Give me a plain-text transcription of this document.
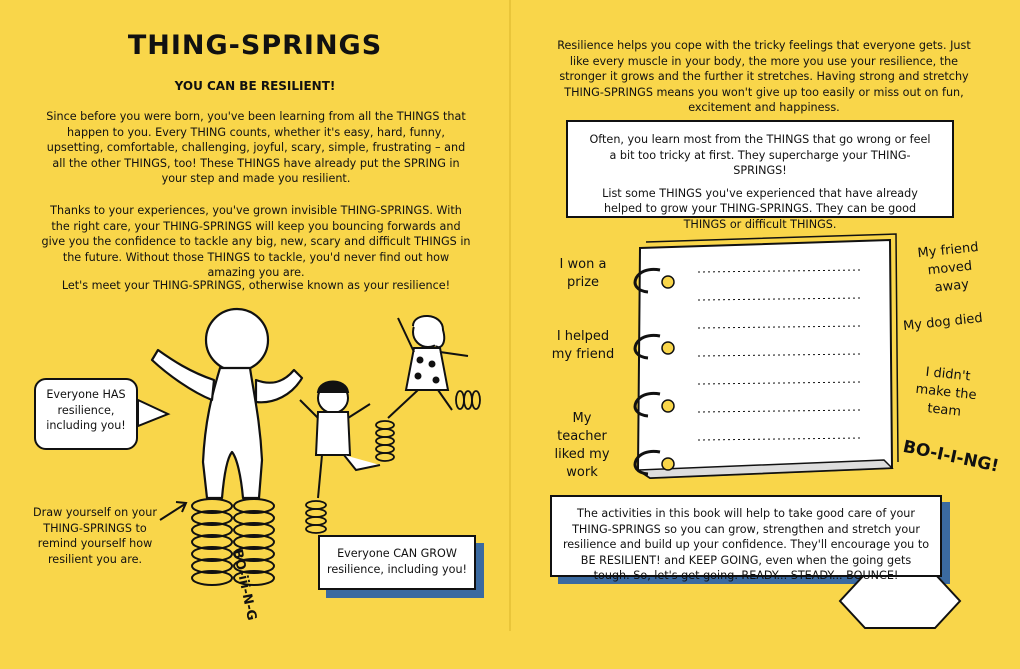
THING-SPRINGS
YOU CAN BE RESILIENT!

Since before you were born, you've been learning from all the THINGS that happen to you. Every THING counts, whether it's easy, hard, funny, upsetting, comfortable, challenging, joyful, scary, simple, frustrating – and all the other THINGS, too! These THINGS have already put the SPRING in your step and made you resilient.

Thanks to your experiences, you've grown invisible THING-SPRINGS. With the right care, your THING-SPRINGS will keep you bouncing forwards and give you the confidence to tackle any big, new, scary and difficult THINGS in the future. Without those THINGS to tackle, you'd never find out how amazing you are.

Let's meet your THING-SPRINGS, otherwise known as your resilience!

Everyone HAS resilience, including you!

Draw yourself on your THING-SPRINGS to remind yourself how resilient you are.	BO-iii-N-G	Everyone CAN GROW resilience, including you!

Resilience helps you cope with the tricky feelings that everyone gets. Just like every muscle in your body, the more you use your resilience, the stronger it grows and the further it stretches. Having strong and stretchy THING-SPRINGS means you won't give up too easily or miss out on fun, excitement and happiness.

Often, you learn most from the THINGS that go wrong or feel a bit too tricky at first. They supercharge your THING-SPRINGS!

List some THINGS you've experienced that have already helped to grow your THING-SPRINGS. They can be good THINGS or difficult THINGS.

I won a prize
I helped my friend
My teacher liked my work
My friend moved away
My dog died
I didn't make the team
BO-I-I-NG!
The activities in this book will help to take good care of your THING-SPRINGS so you can grow, strengthen and stretch your resilience and build up your confidence. They'll encourage you to BE RESILIENT! and KEEP GOING, even when the going gets tough. So, let's get going. READY... STEADY... BOUNCE!
